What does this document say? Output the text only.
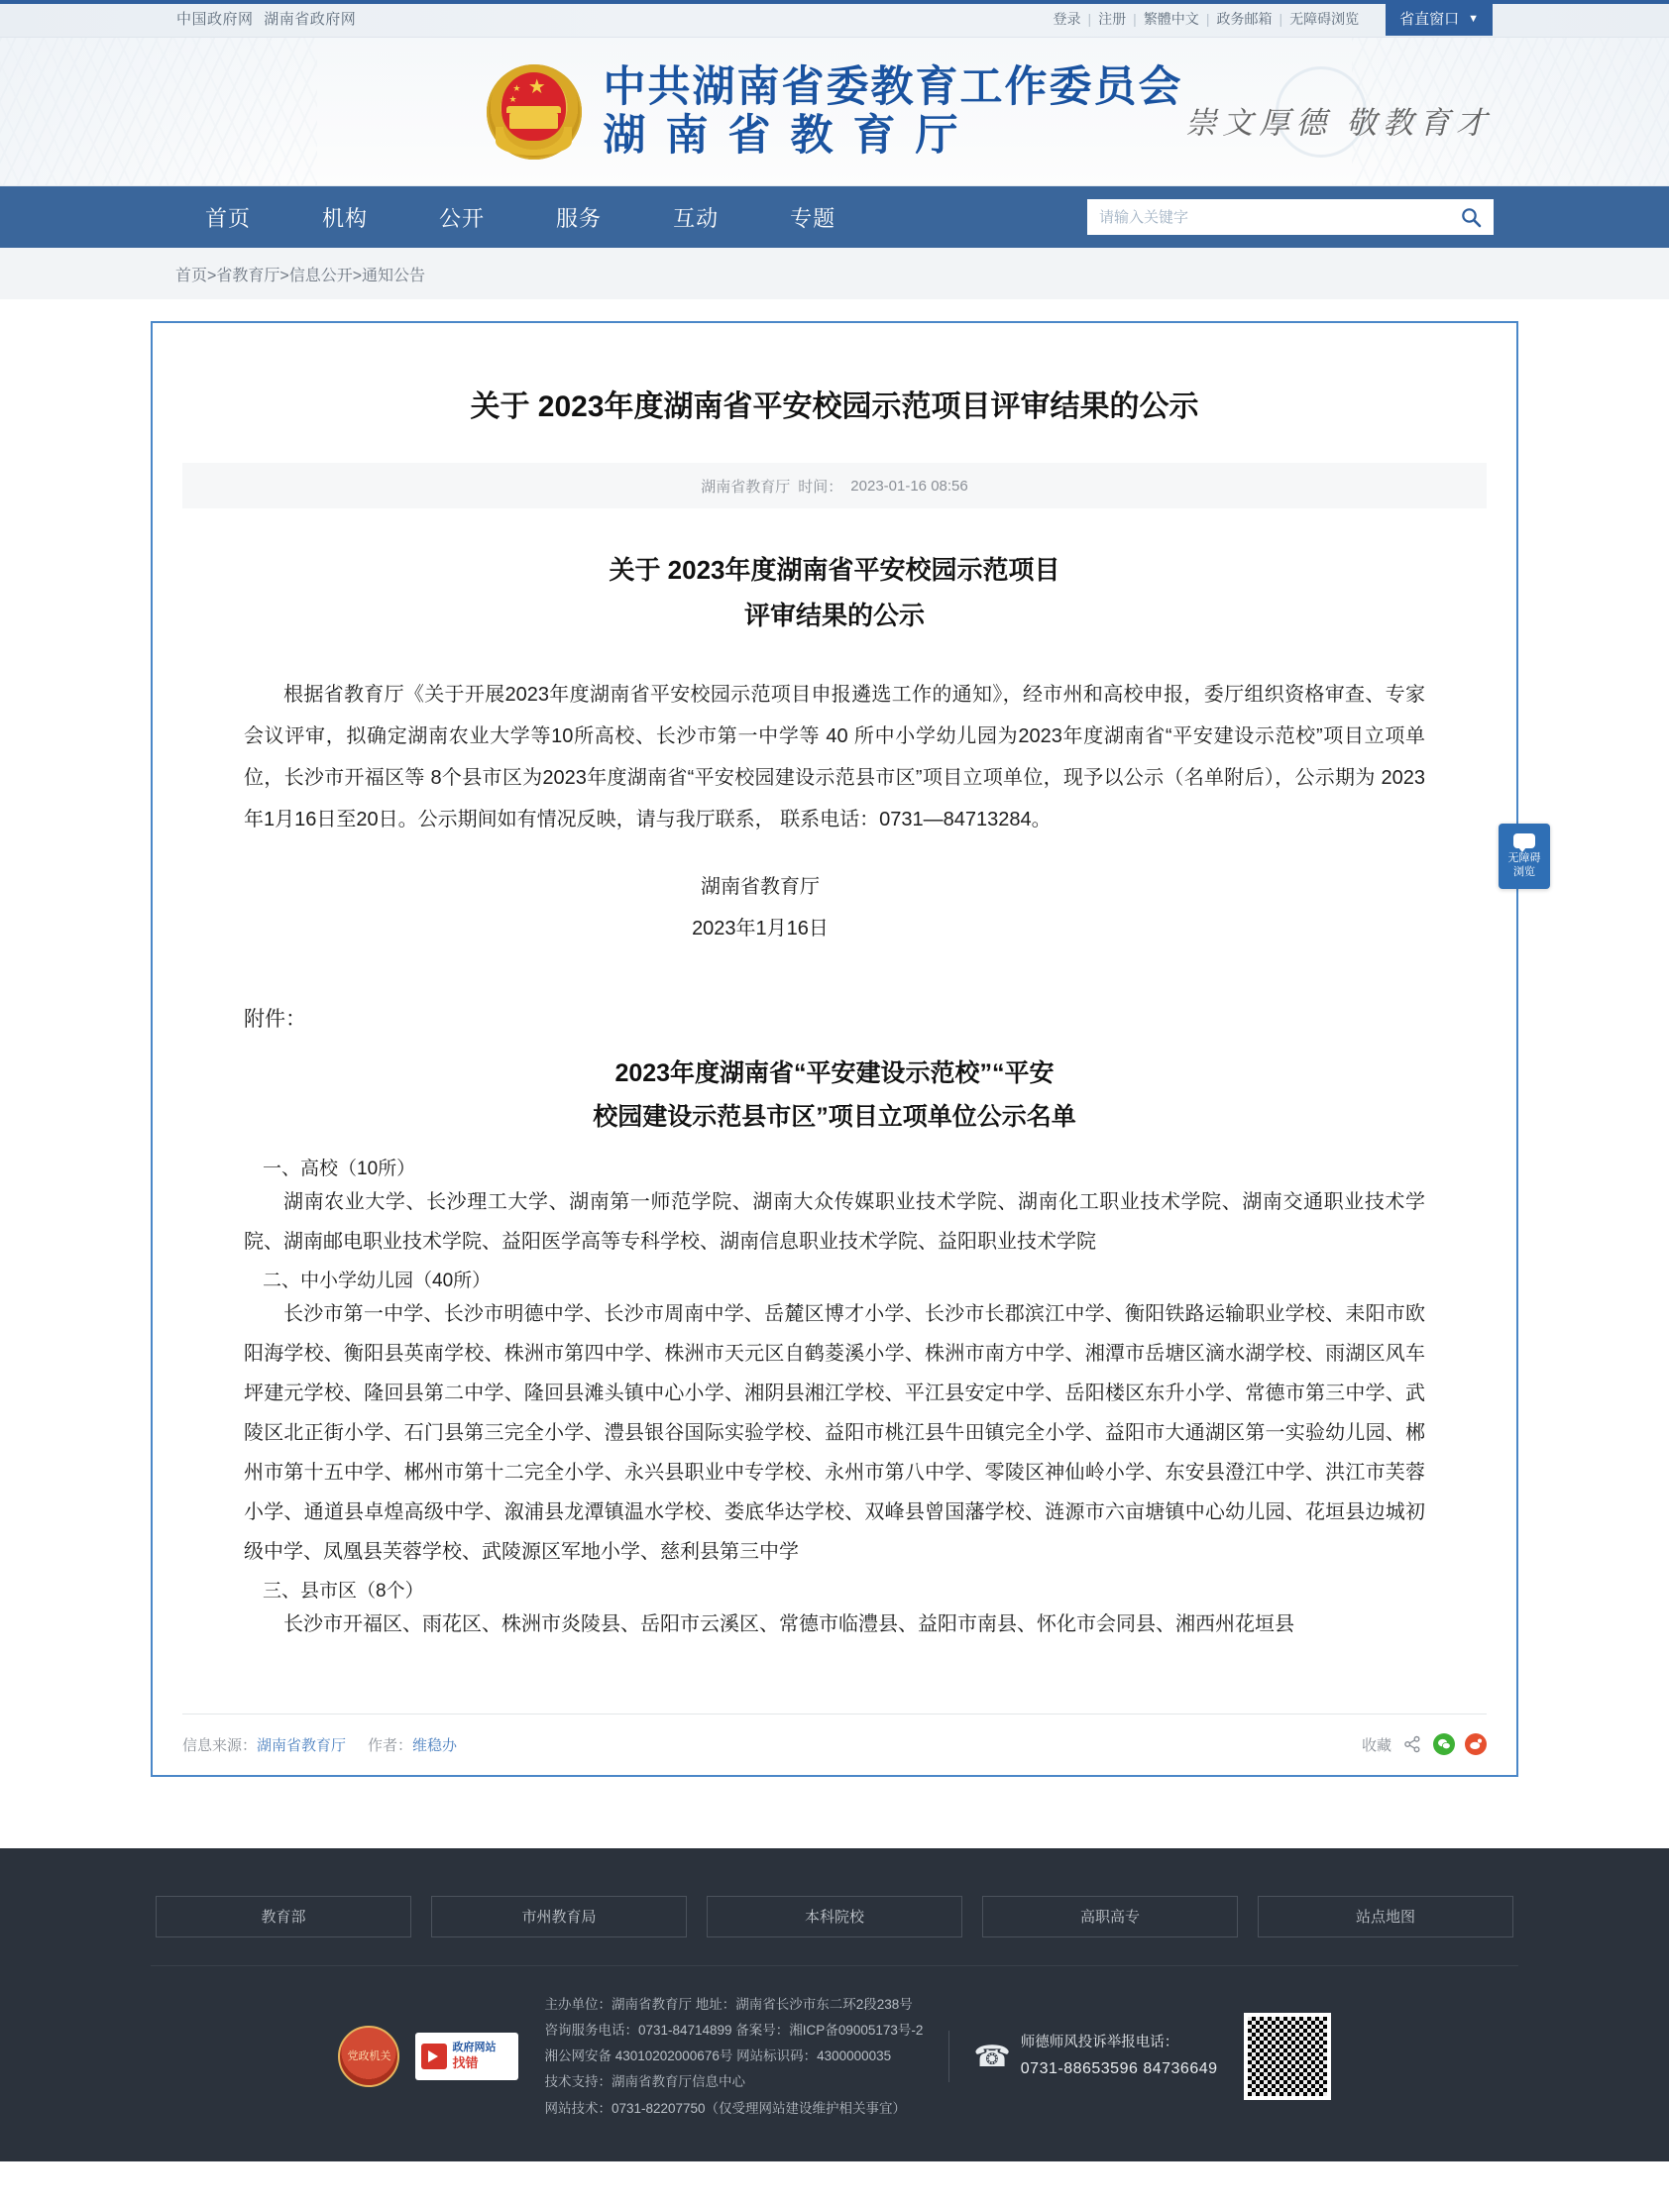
中国政府网 湖南省政府网	登录 | 注册 | 繁體中文 | 政务邮箱 | 无障碍浏览	省直窗口 ▼
★
★
★ 中共湖南省委教育工作委员会
湖南省教育厅	崇文厚德 敬教育才
首页	机构	公开	服务	互动	专题
请输入关键字
首页>省教育厅>信息公开>通知公告
关于 2023年度湖南省平安校园示范项目评审结果的公示
湖南省教育厅 时间： 2023-01-16 08:56
关于 2023年度湖南省平安校园示范项目
评审结果的公示

根据省教育厅《关于开展2023年度湖南省平安校园示范项目申报遴选工作的通知》，经市州和高校申报，委厅组织资格审查、专家会议评审，拟确定湖南农业大学等10所高校、长沙市第一中学等 40 所中小学幼儿园为2023年度湖南省“平安建设示范校”项目立项单位，长沙市开福区等 8个县市区为2023年度湖南省“平安校园建设示范县市区”项目立项单位，现予以公示（名单附后），公示期为 2023年1月16日至20日。公示期间如有情况反映，请与我厅联系， 联系电话：0731—84713284。

湖南省教育厅
2023年1月16日
附件：
2023年度湖南省“平安建设示范校”“平安
校园建设示范县市区”项目立项单位公示名单
一、高校（10所）

湖南农业大学、长沙理工大学、湖南第一师范学院、湖南大众传媒职业技术学院、湖南化工职业技术学院、湖南交通职业技术学院、湖南邮电职业技术学院、益阳医学高等专科学校、湖南信息职业技术学院、益阳职业技术学院

二、中小学幼儿园（40所）

长沙市第一中学、长沙市明德中学、长沙市周南中学、岳麓区博才小学、长沙市长郡滨江中学、衡阳铁路运输职业学校、耒阳市欧阳海学校、衡阳县英南学校、株洲市第四中学、株洲市天元区自鹤菱溪小学、株洲市南方中学、湘潭市岳塘区滴水湖学校、雨湖区风车坪建元学校、隆回县第二中学、隆回县滩头镇中心小学、湘阴县湘江学校、平江县安定中学、岳阳楼区东升小学、常德市第三中学、武陵区北正街小学、石门县第三完全小学、澧县银谷国际实验学校、益阳市桃江县牛田镇完全小学、益阳市大通湖区第一实验幼儿园、郴州市第十五中学、郴州市第十二完全小学、永兴县职业中专学校、永州市第八中学、零陵区神仙岭小学、东安县澄江中学、洪江市芙蓉小学、通道县卓煌高级中学、溆浦县龙潭镇温水学校、娄底华达学校、双峰县曾国藩学校、涟源市六亩塘镇中心幼儿园、花垣县边城初级中学、凤凰县芙蓉学校、武陵源区军地小学、慈利县第三中学

三、县市区（8个）

长沙市开福区、雨花区、株洲市炎陵县、岳阳市云溪区、常德市临澧县、益阳市南县、怀化市会同县、湘西州花垣县

信息来源： 湖南省教育厅 作者： 维稳办	收藏
无障碍
浏览
教育部	市州教育局	本科院校	高职高专	站点地图
党政机关
政府网站
找错
主办单位：湖南省教育厅 地址：湖南省长沙市东二环2段238号
咨询服务电话：0731-84714899 备案号：湘ICP备09005173号-2
湘公网安备 43010202000676号 网站标识码：4300000035
技术支持：湖南省教育厅信息中心
网站技术：0731-82207750（仅受理网站建设维护相关事宜）
☎ 师德师风投诉举报电话：
0731-88653596 84736649
